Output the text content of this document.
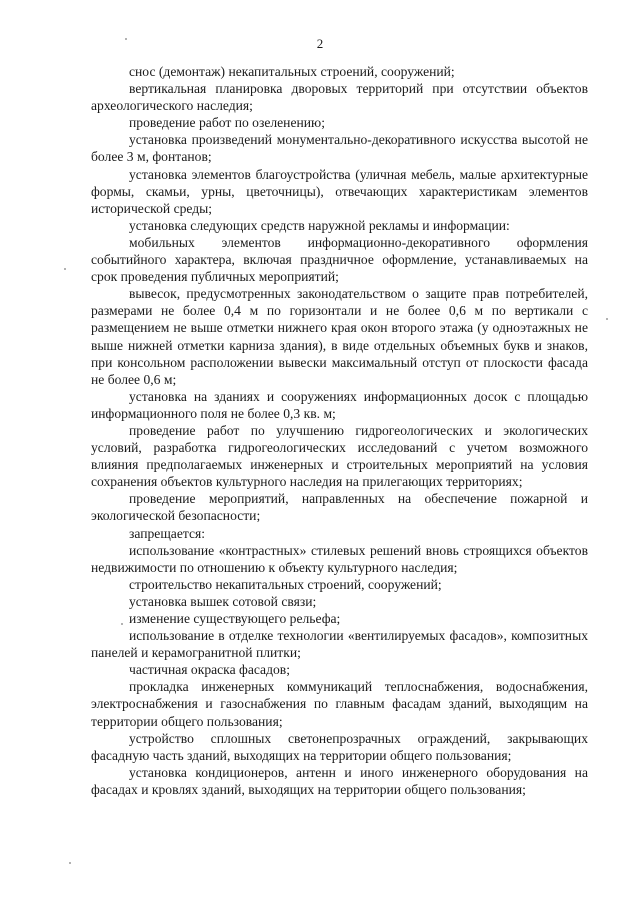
2

снос (демонтаж) некапитальных строений, сооружений;

вертикальная планировка дворовых территорий при отсутствии объектов археологического наследия;

проведение работ по озеленению;

установка произведений монументально-декоративного искусства высотой не более 3 м, фонтанов;

установка элементов благоустройства (уличная мебель, малые архитектурные формы, скамьи, урны, цветочницы), отвечающих характеристикам элементов исторической среды;

установка следующих средств наружной рекламы и информации:

мобильных элементов информационно-декоративного оформления событийного характера, включая праздничное оформление, устанавливаемых на срок проведения публичных мероприятий;

вывесок, предусмотренных законодательством о защите прав потребителей, размерами не более 0,4 м по горизонтали и не более 0,6 м по вертикали с размещением не выше отметки нижнего края окон второго этажа (у одноэтажных не выше нижней отметки карниза здания), в виде отдельных объемных букв и знаков, при консольном расположении вывески максимальный отступ от плоскости фасада не более 0,6 м;

установка на зданиях и сооружениях информационных досок с площадью информационного поля не более 0,3 кв. м;

проведение работ по улучшению гидрогеологических и экологических условий, разработка гидрогеологических исследований с учетом возможного влияния предполагаемых инженерных и строительных мероприятий на условия сохранения объектов культурного наследия на прилегающих территориях;

проведение мероприятий, направленных на обеспечение пожарной и экологической безопасности;

запрещается:

использование «контрастных» стилевых решений вновь строящихся объектов недвижимости по отношению к объекту культурного наследия;

строительство некапитальных строений, сооружений;

установка вышек сотовой связи;

изменение существующего рельефа;

использование в отделке технологии «вентилируемых фасадов», композитных панелей и керамогранитной плитки;

частичная окраска фасадов;

прокладка инженерных коммуникаций теплоснабжения, водоснабжения, электроснабжения и газоснабжения по главным фасадам зданий, выходящим на территории общего пользования;

устройство сплошных светонепрозрачных ограждений, закрывающих фасадную часть зданий, выходящих на территории общего пользования;

установка кондиционеров, антенн и иного инженерного оборудования на фасадах и кровлях зданий, выходящих на территории общего пользования;
